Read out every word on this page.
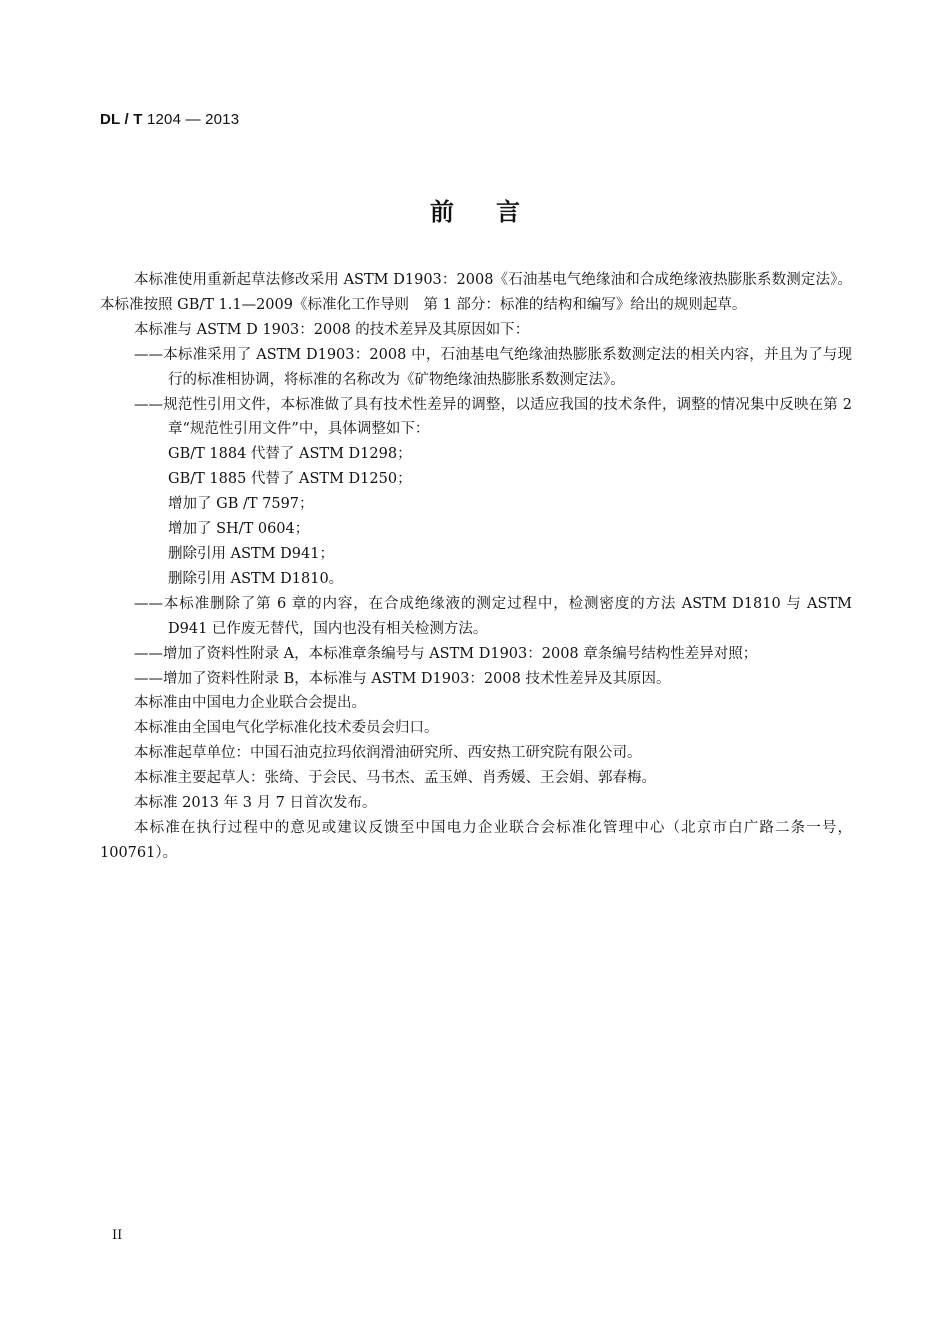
DL / T 1204 — 2013
前言

本标准使用重新起草法修改采用 ASTM D1903：2008《石油基电气绝缘油和合成绝缘液热膨胀系数测定法》。本标准按照 GB/T 1.1—2009《标准化工作导则　第 1 部分：标准的结构和编写》给出的规则起草。

本标准与 ASTM D 1903：2008 的技术差异及其原因如下：

——本标准采用了 ASTM D1903：2008 中，石油基电气绝缘油热膨胀系数测定法的相关内容，并且为了与现行的标准相协调，将标准的名称改为《矿物绝缘油热膨胀系数测定法》。

——规范性引用文件，本标准做了具有技术性差异的调整，以适应我国的技术条件，调整的情况集中反映在第 2 章“规范性引用文件”中，具体调整如下：

GB/T 1884 代替了 ASTM D1298；

GB/T 1885 代替了 ASTM D1250；

增加了 GB /T 7597；

增加了 SH/T 0604；

删除引用 ASTM D941；

删除引用 ASTM D1810。

——本标准删除了第 6 章的内容，在合成绝缘液的测定过程中，检测密度的方法 ASTM D1810 与 ASTM D941 已作废无替代，国内也没有相关检测方法。

——增加了资料性附录 A，本标准章条编号与 ASTM D1903：2008 章条编号结构性差异对照；

——增加了资料性附录 B，本标准与 ASTM D1903：2008 技术性差异及其原因。

本标准由中国电力企业联合会提出。

本标准由全国电气化学标准化技术委员会归口。

本标准起草单位：中国石油克拉玛依润滑油研究所、西安热工研究院有限公司。

本标准主要起草人：张绮、于会民、马书杰、孟玉婵、肖秀媛、王会娟、郭春梅。

本标准 2013 年 3 月 7 日首次发布。

本标准在执行过程中的意见或建议反馈至中国电力企业联合会标准化管理中心（北京市白广路二条一号，100761）。

II
